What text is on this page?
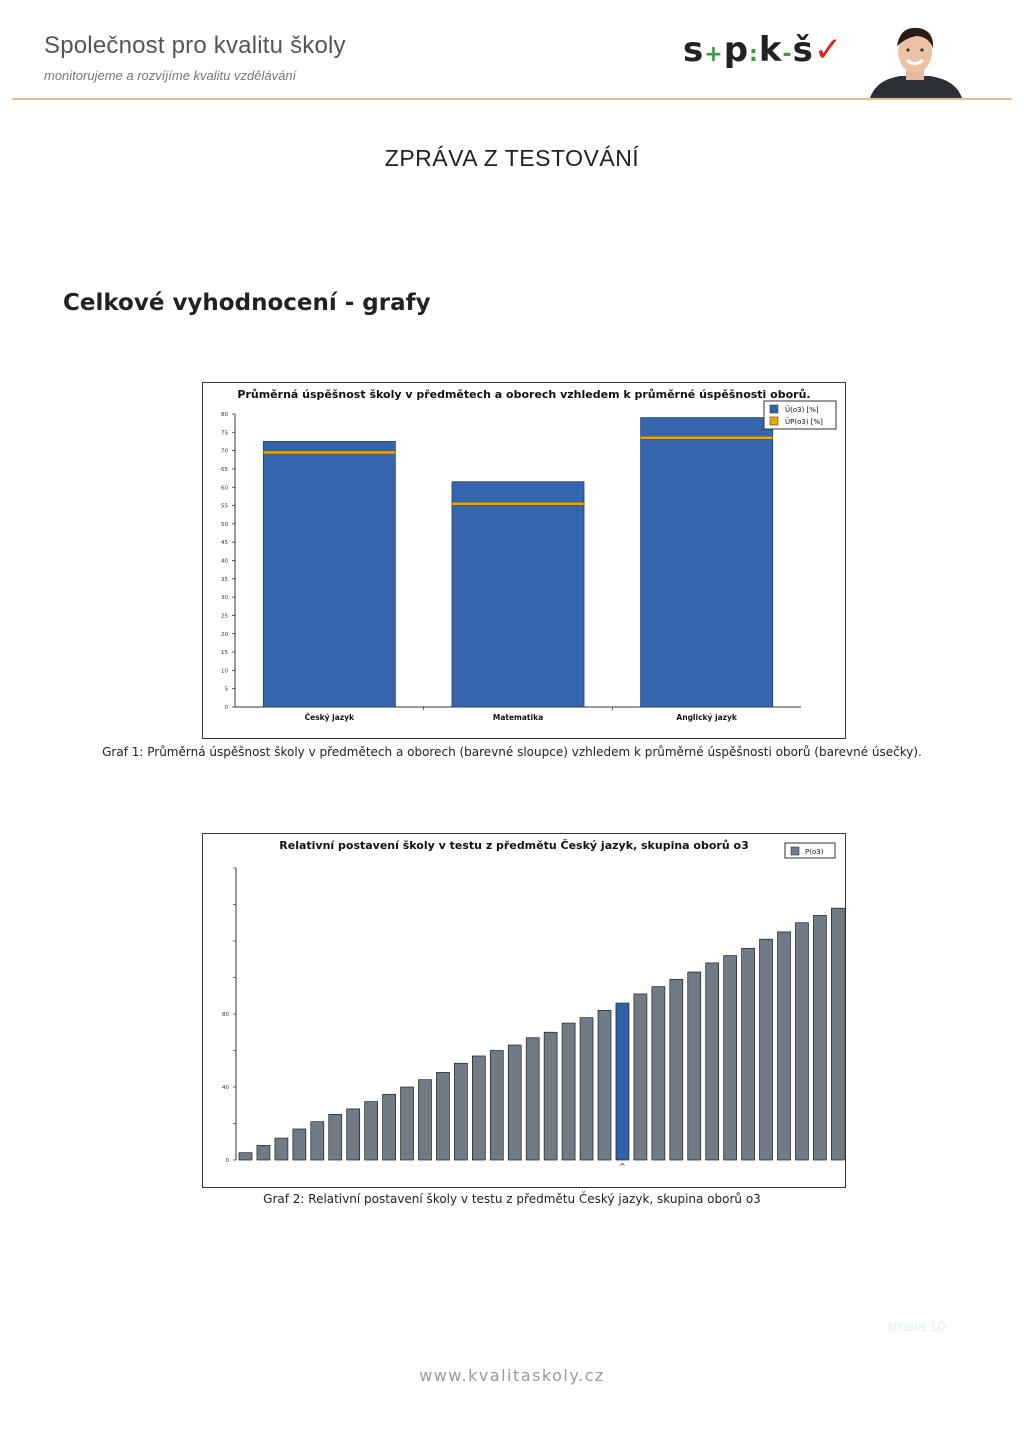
Společnost pro kvalitu školy
monitorujeme a rozvíjíme kvalitu vzdělávání
s+p:k-š✓
ZPRÁVA Z TESTOVÁNÍ
Celkové vyhodnocení - grafy
Průměrná úspěšnost školy v předmětech a oborech vzhledem k průměrné úspěšnosti oborů.
0
5
10
15
20
25
30
35
40
45
50
55
60
65
70
75
80
Český jazyk	Matematika	Anglický jazyk
Ū(o3) [%]
ŪP(o3) [%]
Graf 1: Průměrná úspěšnost školy v předmětech a oborech (barevné sloupce) vzhledem k průměrné úspěšnosti oborů (barevné úsečky).
Relativní postavení školy v testu z předmětu Český jazyk, skupina oborů o3
0
40
80
^
P(o3)
Graf 2: Relativní postavení školy v testu z předmětu Český jazyk, skupina oborů o3
strana 10
www.kvalitaskoly.cz
